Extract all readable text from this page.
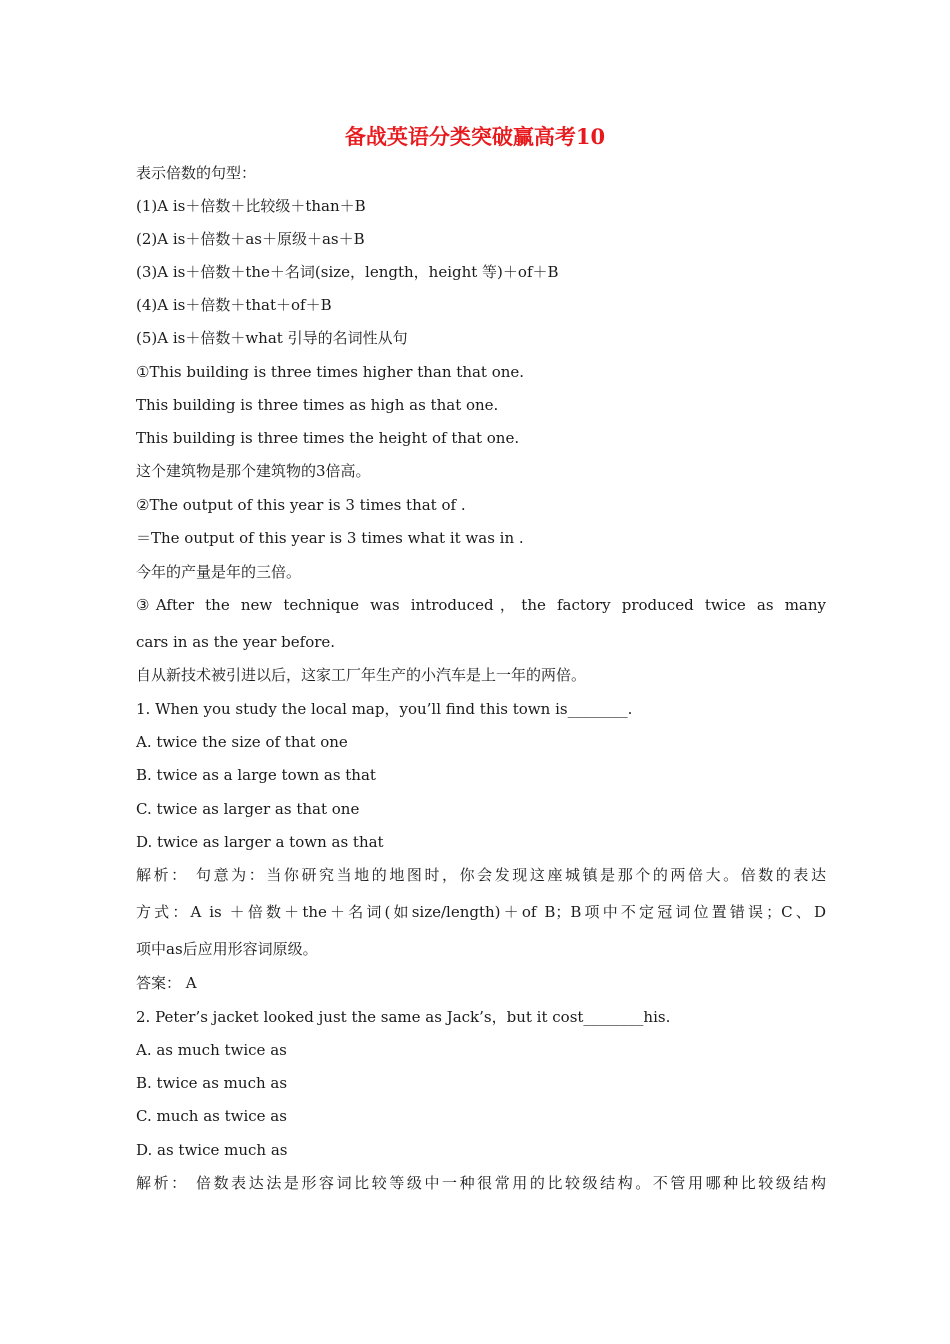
备战英语分类突破赢高考10
表示倍数的句型：
(1)A is＋倍数＋比较级＋than＋B
(2)A is＋倍数＋as＋原级＋as＋B
(3)A is＋倍数＋the＋名词(size，length，height 等)＋of＋B
(4)A is＋倍数＋that＋of＋B
(5)A is＋倍数＋what 引导的名词性从句
①This building is three times higher than that one.
This building is three times as high as that one.
This building is three times the height of that one.
这个建筑物是那个建筑物的3倍高。
②The output of this year is 3 times that of .
＝The output of this year is 3 times what it was in .
今年的产量是年的三倍。
③After the new technique was introduced，the factory produced twice as many
cars in as the year before.
自从新技术被引进以后，这家工厂年生产的小汽车是上一年的两倍。
1. When you study the local map，you’ll find this town is________.
A. twice the size of that one
B. twice as a large town as that
C. twice as larger as that one
D. twice as larger a town as that
解析： 句意为：当你研究当地的地图时，你会发现这座城镇是那个的两倍大。倍数的表达
方式：A is ＋倍数＋the＋名词(如size/length)＋of B；B项中不定冠词位置错误；C、D
项中as后应用形容词原级。
答案： A
2. Peter’s jacket looked just the same as Jack’s，but it cost________his.
A. as much twice as
B. twice as much as
C. much as twice as
D. as twice much as
解析： 倍数表达法是形容词比较等级中一种很常用的比较级结构。不管用哪种比较级结构
